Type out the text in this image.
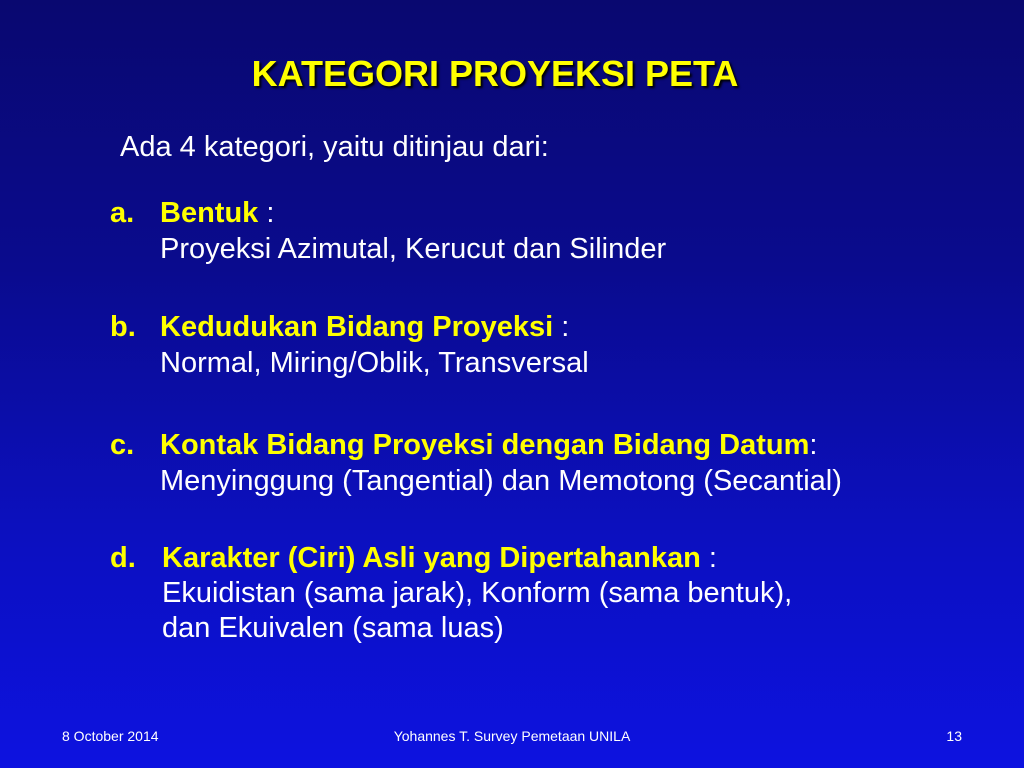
KATEGORI PROYEKSI PETA
Ada 4 kategori, yaitu ditinjau dari:
a. Bentuk :
Proyeksi Azimutal, Kerucut dan Silinder
b. Kedudukan Bidang Proyeksi :
Normal, Miring/Oblik, Transversal
c. Kontak Bidang Proyeksi dengan Bidang Datum:
Menyinggung (Tangential) dan Memotong (Secantial)
d. Karakter (Ciri) Asli yang Dipertahankan :
Ekuidistan (sama jarak), Konform (sama bentuk),
dan Ekuivalen (sama luas)
8 October 2014	Yohannes T. Survey Pemetaan UNILA	13
